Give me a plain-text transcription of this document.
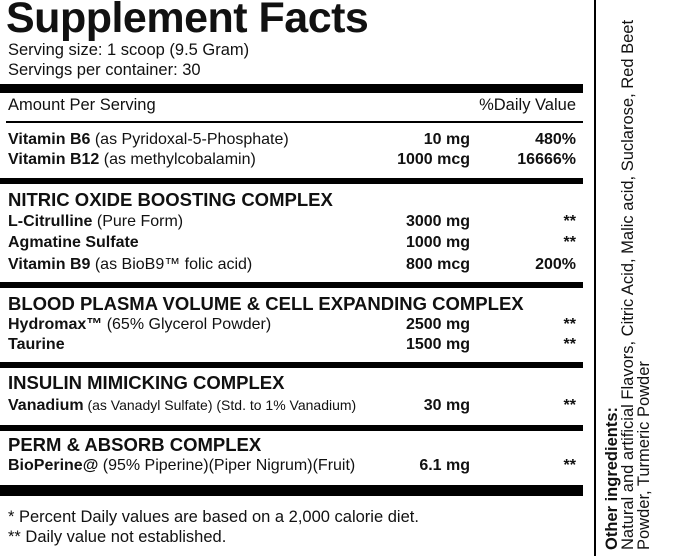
Supplement Facts
Serving size: 1 scoop (9.5 Gram)
Servings per container: 30
Amount Per Serving	%Daily Value
Vitamin B6 (as Pyridoxal-5-Phosphate)	10 mg	480%
Vitamin B12 (as methylcobalamin)	1000 mcg	16666%
NITRIC OXIDE BOOSTING COMPLEX
L-Citrulline (Pure Form)	3000 mg	**
Agmatine Sulfate	1000 mg	**
Vitamin B9 (as BioB9™ folic acid)	800 mcg	200%
BLOOD PLASMA VOLUME & CELL EXPANDING COMPLEX
Hydromax™ (65% Glycerol Powder)	2500 mg	**
Taurine	1500 mg	**
INSULIN MIMICKING COMPLEX
Vanadium (as Vanadyl Sulfate) (Std. to 1% Vanadium)	30 mg	**
PERM & ABSORB COMPLEX
BioPerine@ (95% Piperine)(Piper Nigrum)(Fruit)	6.1 mg	**
* Percent Daily values are based on a 2,000 calorie diet.
** Daily value not established.	Other ingredients:
Natural and artificial Flavors, Citric Acid, Malic acid, Suclarose, Red Beet Powder, Turmeric Powder
